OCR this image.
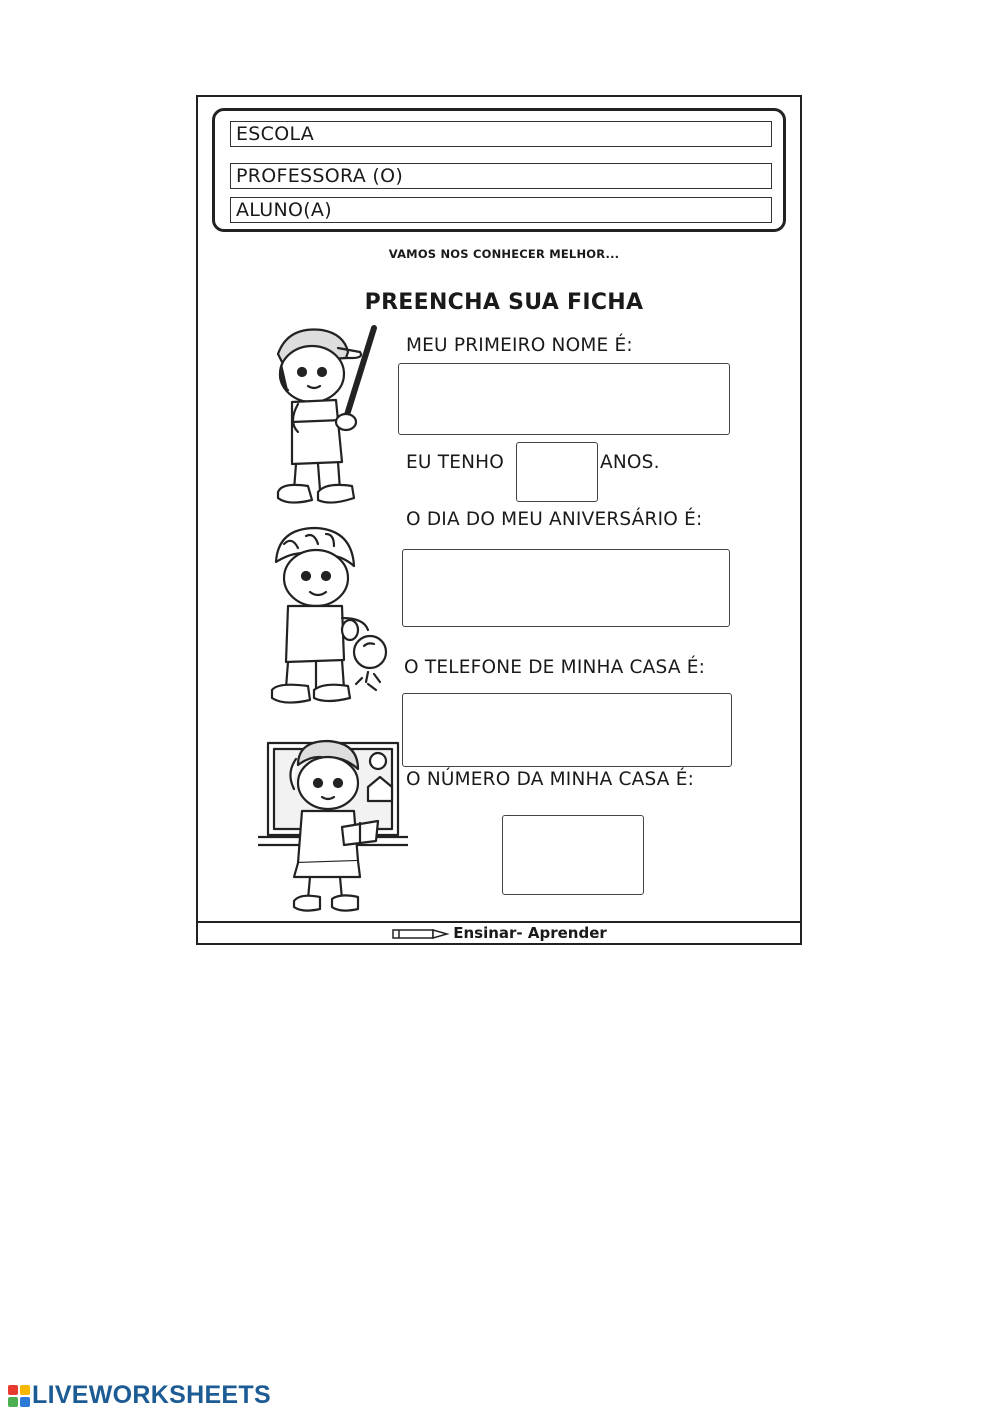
ESCOLA
PROFESSORA (O)
ALUNO(A)
VAMOS NOS CONHECER MELHOR...
PREENCHA SUA FICHA
MEU PRIMEIRO NOME É:
EU TENHO	ANOS.
O DIA DO MEU ANIVERSÁRIO É:
O TELEFONE DE MINHA CASA É:
O NÚMERO DA MINHA CASA É:
Ensinar- Aprender
LIVEWORKSHEETS
